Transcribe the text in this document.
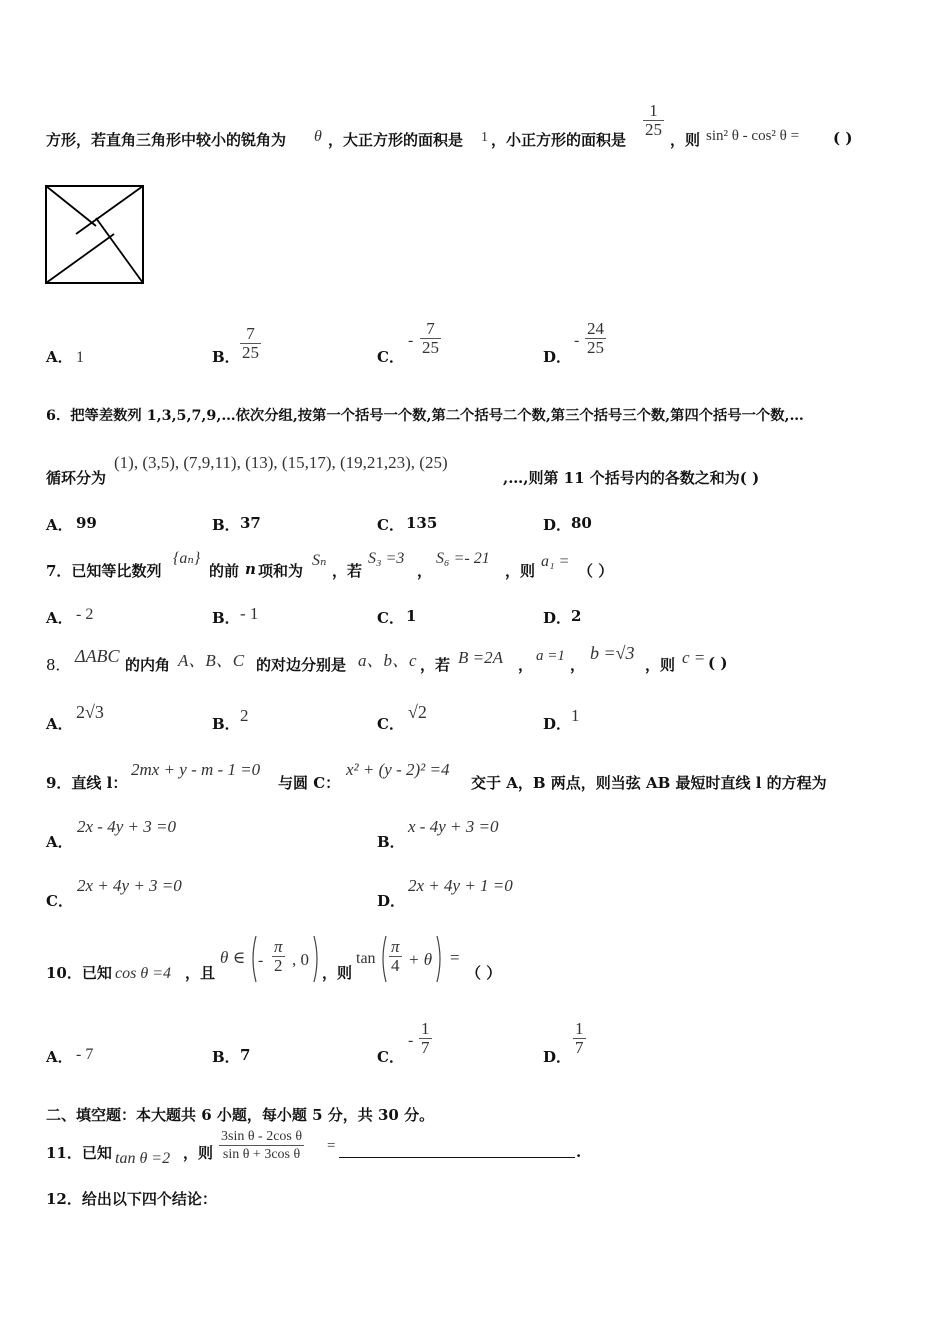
方形，若直角三角形中较小的锐角为 θ ，大正方形的面积是 1 ，小正方形的面积是
$\frac{1}{25}$
，则 sin² θ - cos² θ = ( )
A． 1	B． $\frac{7}{25}$	C．
- $\frac{7}{25}$	D．
- $\frac{24}{25}$
6．把等差数列 1,3,5,7,9,…依次分组,按第一个括号一个数,第二个括号二个数,第三个括号三个数,第四个括号一个数,…
循环分为
(1), (3,5), (7,9,11), (13), (15,17), (19,21,23), (25)
,…,则第 11 个括号内的各数之和为( )
A． 99	B． 37	C． 135	D． 80
7．已知等比数列
{aₙ}
的前 n 项和为
Sₙ
，若
S₃ =3
，
S₆ =- 21
，则
a₁ =
（ ）
A． - 2	B． - 1	C． 1	D． 2
8． ΔABC 的内角 A、B、C 的对边分别是 a、b、c ，若 B =2A ， a =1 ，
b =√3
，则 c = ( )
A．
2√3
B． 2	C．
√2
D． 1
9．直线 l：
2mx + y - m - 1 =0
与圆 C：
x² + (y - 2)² =4
交于 A，B 两点，则当弦 AB 最短时直线 l 的方程为
A．
2x - 4y + 3 =0
B．
x - 4y + 3 =0
C．
2x + 4y + 3 =0
D．
2x + 4y + 1 =0
10．已知 cos θ =4 ，且
θ ∈ - $\frac{\pi}{2}$ , 0
，则
$\tan \frac{\pi}{4} + \theta$ =
（ ）
A． - 7	B． 7	C．
- $\frac{1}{7}$	D． $\frac{1}{7}$
二、填空题：本大题共 6 小题，每小题 5 分，共 30 分。
11．已知 tan θ =2 ，则 $\frac{\text{3sin θ - 2cos θ}}{\text{sin θ + 3cos θ}}$ =	.
12．给出以下四个结论：
